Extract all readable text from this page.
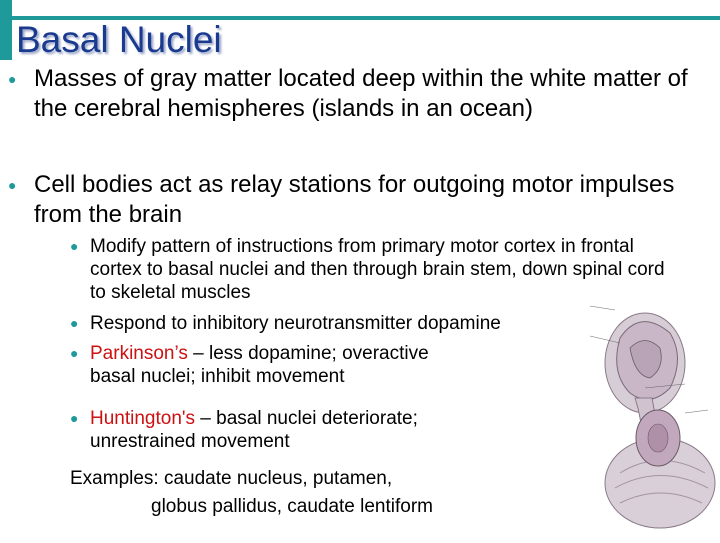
Basal Nuclei
● Masses of gray matter located deep within the white matter of the cerebral hemispheres (islands in an ocean)
● Cell bodies act as relay stations for outgoing motor impulses from the brain
● Modify pattern of instructions from primary motor cortex in frontal cortex to basal nuclei and then through brain stem, down spinal cord to skeletal muscles
● Respond to inhibitory neurotransmitter dopamine
● Parkinson’s – less dopamine; overactive basal nuclei; inhibit movement
● Huntington's – basal nuclei deteriorate; unrestrained movement
Examples: caudate nucleus, putamen,
globus pallidus, caudate lentiform
